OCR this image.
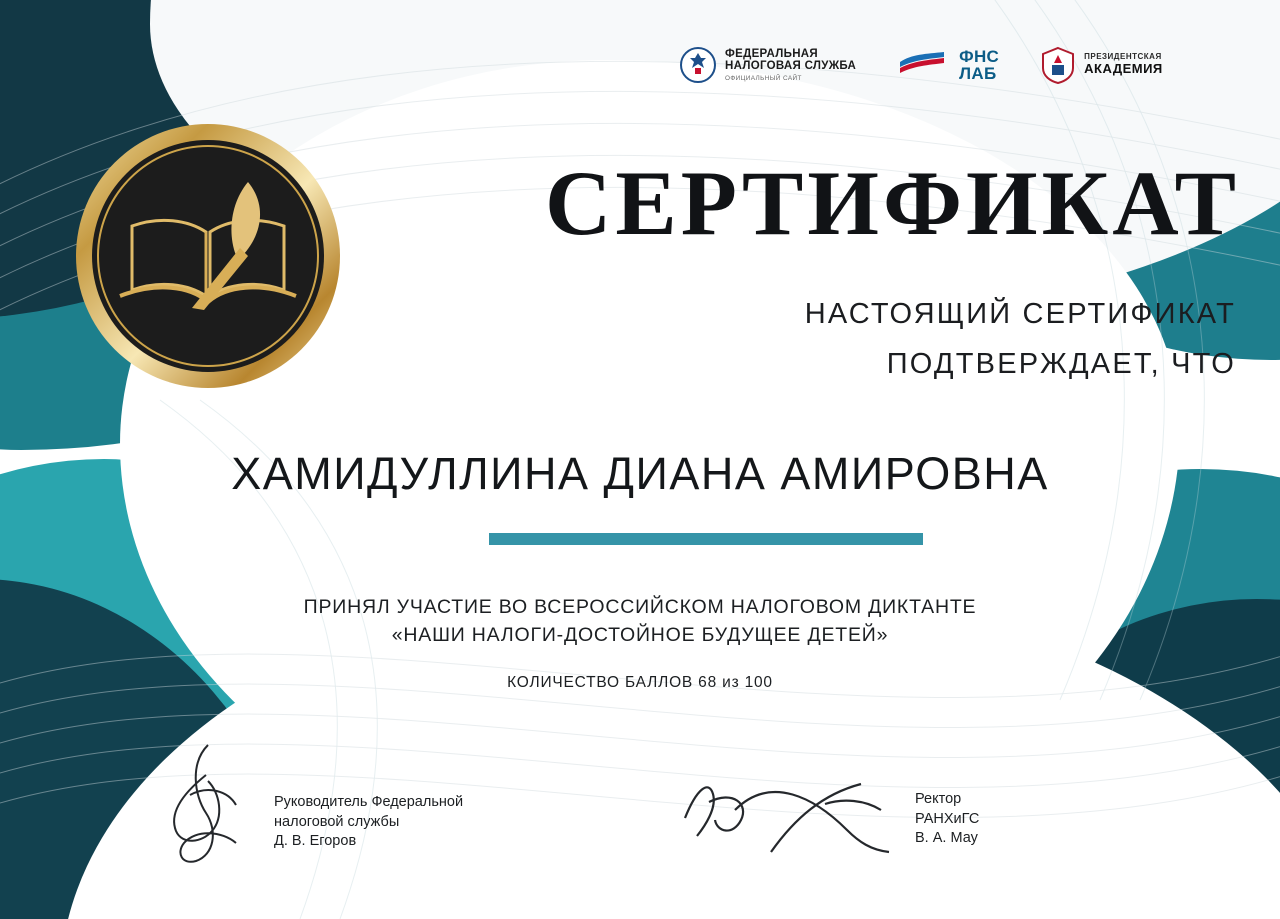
ФЕДЕРАЛЬНАЯ
НАЛОГОВАЯ СЛУЖБА
ОФИЦИАЛЬНЫЙ САЙТ
ФНС
ЛАБ
ПРЕЗИДЕНТСКАЯ
АКАДЕМИЯ
СЕРТИФИКАТ
НАСТОЯЩИЙ СЕРТИФИКАТ
ПОДТВЕРЖДАЕТ, ЧТО
ХАМИДУЛЛИНА ДИАНА АМИРОВНА
ПРИНЯЛ УЧАСТИЕ ВО ВСЕРОССИЙСКОМ НАЛОГОВОМ ДИКТАНТЕ
«НАШИ НАЛОГИ-ДОСТОЙНОЕ БУДУЩЕЕ ДЕТЕЙ»
КОЛИЧЕСТВО БАЛЛОВ 68 из 100
Руководитель Федеральной
налоговой службы
Д. В. Егоров
Ректор
РАНХиГС
В. А. Мау
